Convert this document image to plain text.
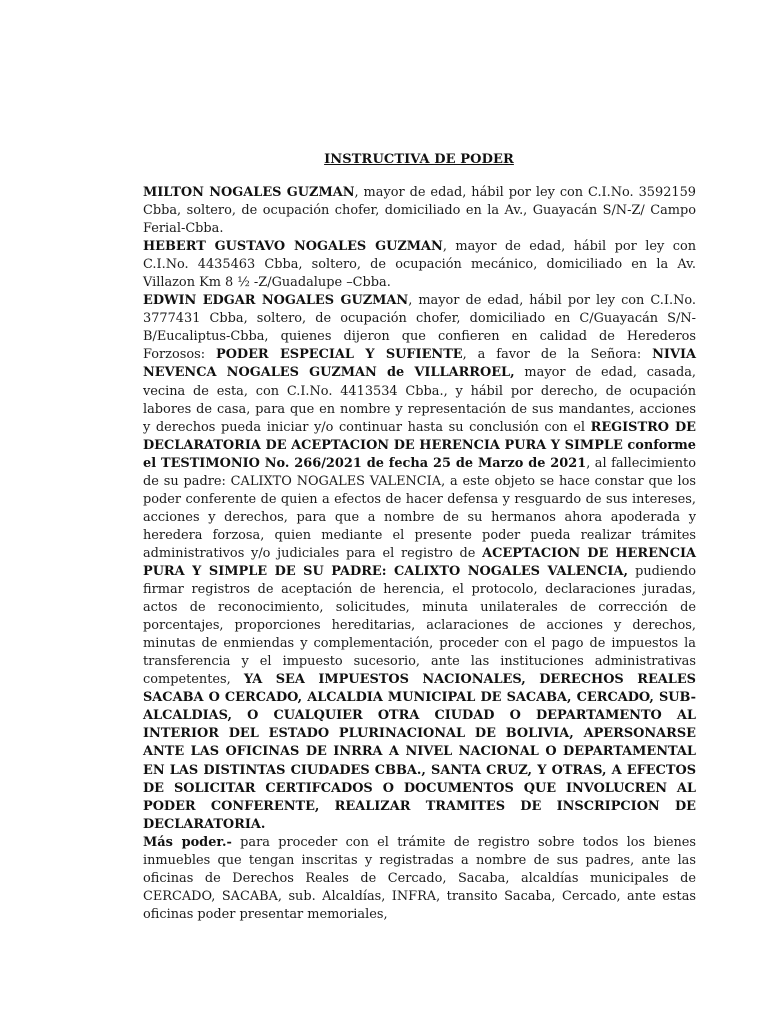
INSTRUCTIVA DE PODER

MILTON NOGALES GUZMAN, mayor de edad, hábil por ley con C.I.No. 3592159 Cbba, soltero, de ocupación chofer, domiciliado en la Av., Guayacán S/N-Z/ Campo Ferial-Cbba.

HEBERT GUSTAVO NOGALES GUZMAN, mayor de edad, hábil por ley con C.I.No. 4435463 Cbba, soltero, de ocupación mecánico, domiciliado en la Av. Villazon Km 8 ½ -Z/Guadalupe –Cbba.

EDWIN EDGAR NOGALES GUZMAN, mayor de edad, hábil por ley con C.I.No. 3777431 Cbba, soltero, de ocupación chofer, domiciliado en C/Guayacán S/N-B/Eucaliptus-Cbba, quienes dijeron que confieren en calidad de Herederos Forzosos: PODER ESPECIAL Y SUFIENTE, a favor de la Señora: NIVIA NEVENCA NOGALES GUZMAN de VILLARROEL, mayor de edad, casada, vecina de esta, con C.I.No. 4413534 Cbba., y hábil por derecho, de ocupación labores de casa, para que en nombre y representación de sus mandantes, acciones y derechos pueda iniciar y/o continuar hasta su conclusión con el REGISTRO DE DECLARATORIA DE ACEPTACION DE HERENCIA PURA Y SIMPLE conforme el TESTIMONIO No. 266/2021 de fecha 25 de Marzo de 2021, al fallecimiento de su padre: CALIXTO NOGALES VALENCIA, a este objeto se hace constar que los poder conferente de quien a efectos de hacer defensa y resguardo de sus intereses, acciones y derechos, para que a nombre de su hermanos ahora apoderada y heredera forzosa, quien mediante el presente poder pueda realizar trámites administrativos y/o judiciales para el registro de ACEPTACION DE HERENCIA PURA Y SIMPLE DE SU PADRE: CALIXTO NOGALES VALENCIA, pudiendo firmar registros de aceptación de herencia, el protocolo, declaraciones juradas, actos de reconocimiento, solicitudes, minuta unilaterales de corrección de porcentajes, proporciones hereditarias, aclaraciones de acciones y derechos, minutas de enmiendas y complementación, proceder con el pago de impuestos la transferencia y el impuesto sucesorio, ante las instituciones administrativas competentes, YA SEA IMPUESTOS NACIONALES, DERECHOS REALES SACABA O CERCADO, ALCALDIA MUNICIPAL DE SACABA, CERCADO, SUB-ALCALDIAS, O CUALQUIER OTRA CIUDAD O DEPARTAMENTO AL INTERIOR DEL ESTADO PLURINACIONAL DE BOLIVIA, APERSONARSE ANTE LAS OFICINAS DE INRRA A NIVEL NACIONAL O DEPARTAMENTAL EN LAS DISTINTAS CIUDADES CBBA., SANTA CRUZ, Y OTRAS, A EFECTOS DE SOLICITAR CERTIFCADOS O DOCUMENTOS QUE INVOLUCREN AL PODER CONFERENTE, REALIZAR TRAMITES DE INSCRIPCION DE DECLARATORIA.

Más poder.- para proceder con el trámite de registro sobre todos los bienes inmuebles que tengan inscritas y registradas a nombre de sus padres, ante las oficinas de Derechos Reales de Cercado, Sacaba, alcaldías municipales de CERCADO, SACABA, sub. Alcaldías, INFRA, transito Sacaba, Cercado, ante estas oficinas poder presentar memoriales,
